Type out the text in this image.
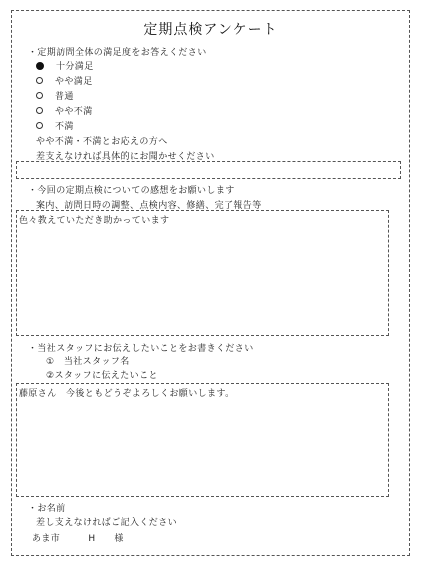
定期点検アンケート
・定期訪問全体の満足度をお答えください
十分満足
やや満足
普通
やや不満
不満
やや不満・不満とお応えの方へ
差支えなければ具体的にお聞かせください
・今回の定期点検についての感想をお願いします
案内、訪問日時の調整、点検内容、修繕、完了報告等
色々教えていただき助かっています
・当社スタッフにお伝えしたいことをお書きください
①　当社スタッフ名
②スタッフに伝えたいこと
藤原さん　今後ともどうぞよろしくお願いします。
・お名前
差し支えなければご記入ください
あま市　　　H　　様
